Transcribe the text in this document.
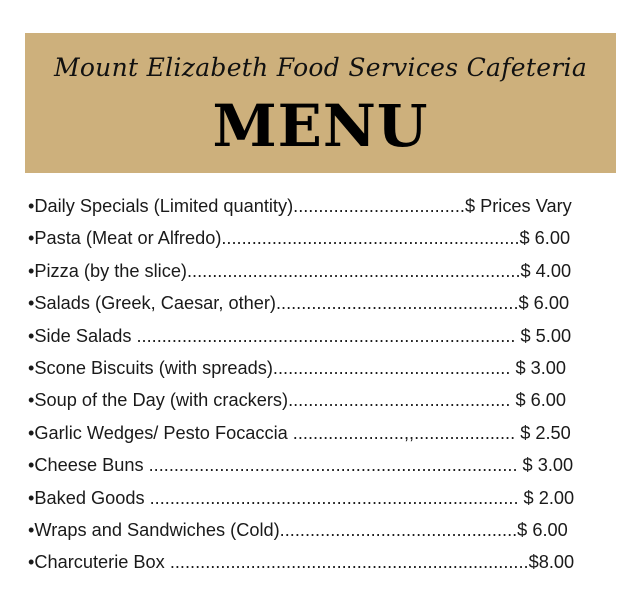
Mount Elizabeth Food Services Cafeteria
MENU
•Daily Specials (Limited quantity)..................................$ Prices Vary
•Pasta (Meat or Alfredo)...........................................................$ 6.00
•Pizza (by the slice)..................................................................$ 4.00
•Salads (Greek, Caesar, other)................................................$ 6.00
•Side Salads ........................................................................... $ 5.00
•Scone Biscuits (with spreads)............................................... $ 3.00
•Soup of the Day (with crackers)............................................ $ 6.00
•Garlic Wedges/ Pesto Focaccia ......................,,.................... $ 2.50
•Cheese Buns ......................................................................... $ 3.00
•Baked Goods ......................................................................... $ 2.00
•Wraps and Sandwiches (Cold)...............................................$ 6.00
•Charcuterie Box .......................................................................$8.00
